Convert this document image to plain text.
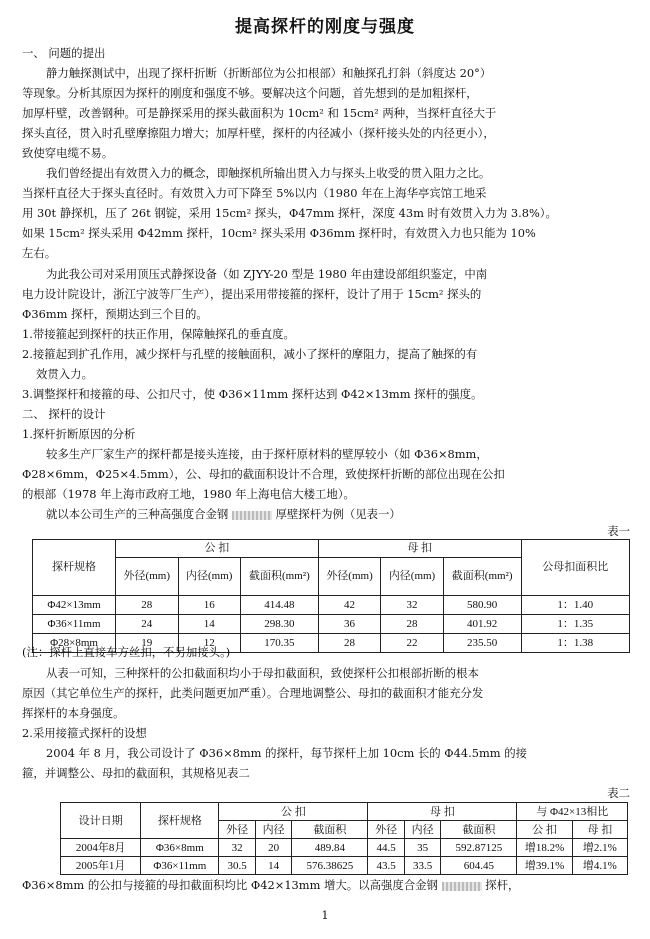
提高探杆的刚度与强度
一、 问题的提出
静力触探测试中，出现了探杆折断（折断部位为公扣根部）和触探孔打斜（斜度达 20°）
等现象。分析其原因为探杆的刚度和强度不够。要解决这个问题，首先想到的是加粗探杆，
加厚杆壁，改善钢种。可是静探采用的探头截面积为 10cm² 和 15cm² 两种，当探杆直径大于
探头直径，贯入时孔壁摩擦阻力增大；加厚杆壁，探杆的内径减小（探杆接头处的内径更小），
致使穿电缆不易。
我们曾经提出有效贯入力的概念，即触探机所输出贯入力与探头上收受的贯入阻力之比。
当探杆直径大于探头直径时。有效贯入力可下降至 5%以内（1980 年在上海华亭宾馆工地采
用 30t 静探机，压了 26t 钢锭，采用 15cm² 探头，Φ47mm 探杆，深度 43m 时有效贯入力为 3.8%）。
如果 15cm² 探头采用 Φ42mm 探杆，10cm² 探头采用 Φ36mm 探杆时，有效贯入力也只能为 10%
左右。
为此我公司对采用顶压式静探设备（如 ZJYY-20 型是 1980 年由建设部组织鉴定，中南
电力设计院设计，浙江宁波等厂生产），提出采用带接箍的探杆，设计了用于 15cm² 探头的
Φ36mm 探杆，预期达到三个目的。
1.带接箍起到探杆的扶正作用，保障触探孔的垂直度。
2.接箍起到扩孔作用，减少探杆与孔壁的接触面积，减小了探杆的摩阻力，提高了触探的有
效贯入力。
3.调整探杆和接箍的母、公扣尺寸，使 Φ36×11mm 探杆达到 Φ42×13mm 探杆的强度。
二、 探杆的设计
1.探杆折断原因的分析
较多生产厂家生产的探杆都是接头连接，由于探杆原材料的壁厚较小（如 Φ36×8mm，
Φ28×6mm，Φ25×4.5mm），公、母扣的截面积设计不合理，致使探杆折断的部位出现在公扣
的根部（1978 年上海市政府工地，1980 年上海电信大楼工地）。
就以本公司生产的三种高强度合金钢	厚壁探杆为例（见表一）
表一
探杆规格	公 扣			母 扣			公母扣面积比
	外径(mm)	内径(mm)	截面积(mm²)	外径(mm)	内径(mm)	截面积(mm²)	
Φ42×13mm	28	16	414.48	42	32	580.90	1：1.40
Φ36×11mm	24	14	298.30	36	28	401.92	1：1.35
Φ28×8mm	19	12	170.35	28	22	235.50	1：1.38
(注：探杆上直接车方丝扣，不另加接头。)
从表一可知，三种探杆的公扣截面积均小于母扣截面积，致使探杆公扣根部折断的根本
原因（其它单位生产的探杆，此类问题更加严重）。合理地调整公、母扣的截面积才能充分发
挥探杆的本身强度。
2.采用接箍式探杆的设想
2004 年 8 月，我公司设计了 Φ36×8mm 的探杆，每节探杆上加 10cm 长的 Φ44.5mm 的接
箍，并调整公、母扣的截面积，其规格见表二
表二
设计日期	探杆规格	公 扣			母 扣			与 Φ42×13相比	
		外径	内径	截面积	外径	内径	截面积	公 扣	母 扣
2004年8月	Φ36×8mm	32	20	489.84	44.5	35	592.87125	增18.2%	增2.1%
2005年1月	Φ36×11mm	30.5	14	576.38625	43.5	33.5	604.45	增39.1%	增4.1%
Φ36×8mm 的公扣与接箍的母扣截面积均比 Φ42×13mm 增大。以高强度合金钢	探杆，
1
